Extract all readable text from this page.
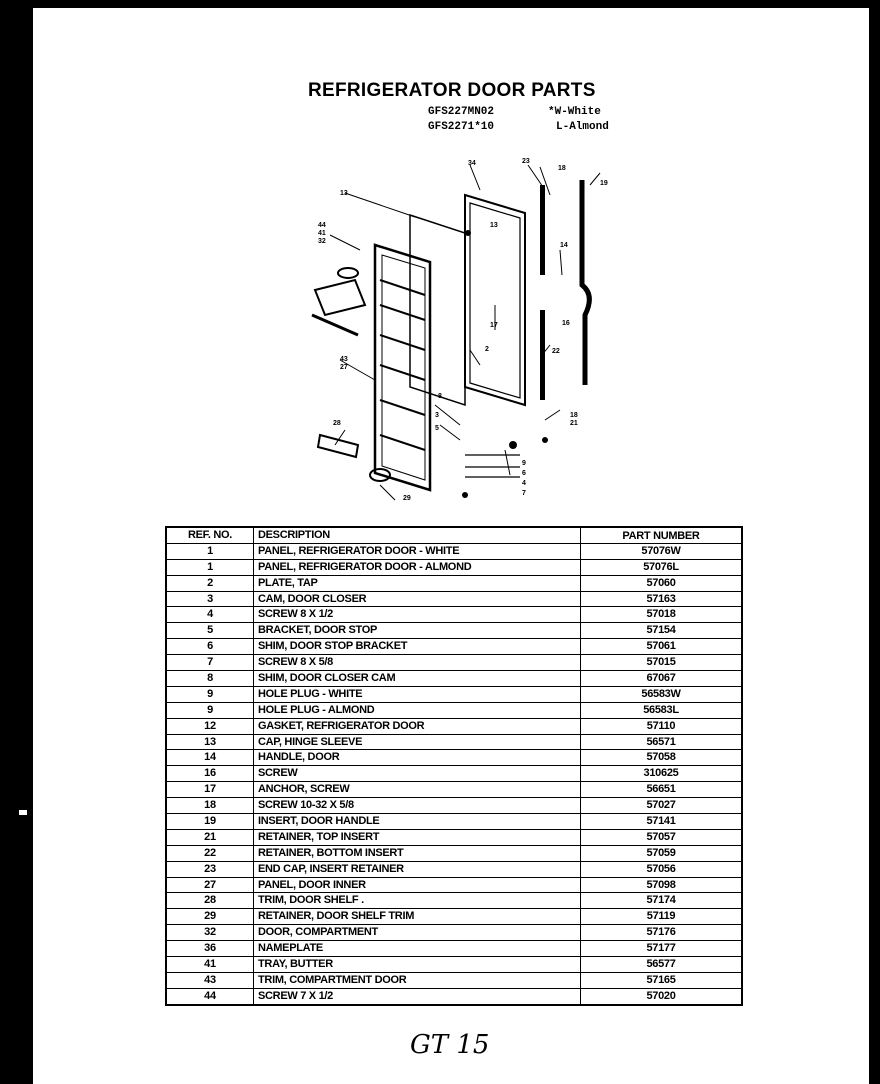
REFRIGERATOR DOOR PARTS
GFS227MN02	*W-White
GFS2271*10	L-Almond
13
34
13
23
18
19
44
41
32
14
17	16
43
27
22
2
8
3
5
18
21
28
9
6
4
7
29
REF. NO.	DESCRIPTION	PART NUMBER
1	PANEL, REFRIGERATOR DOOR - WHITE	57076W
1	PANEL, REFRIGERATOR DOOR - ALMOND	57076L
2	PLATE, TAP	57060
3	CAM, DOOR CLOSER	57163
4	SCREW 8 X 1/2	57018
5	BRACKET, DOOR STOP	57154
6	SHIM, DOOR STOP BRACKET	57061
7	SCREW 8 X 5/8	57015
8	SHIM, DOOR CLOSER CAM	67067
9	HOLE PLUG - WHITE	56583W
9	HOLE PLUG - ALMOND	56583L
12	GASKET, REFRIGERATOR DOOR	57110
13	CAP, HINGE SLEEVE	56571
14	HANDLE, DOOR	57058
16	SCREW	310625
17	ANCHOR, SCREW	56651
18	SCREW 10-32 X 5/8	57027
19	INSERT, DOOR HANDLE	57141
21	RETAINER, TOP INSERT	57057
22	RETAINER, BOTTOM INSERT	57059
23	END CAP, INSERT RETAINER	57056
27	PANEL, DOOR INNER	57098
28	TRIM, DOOR SHELF .	57174
29	RETAINER, DOOR SHELF TRIM	57119
32	DOOR, COMPARTMENT	57176
36	NAMEPLATE	57177
41	TRAY, BUTTER	56577
43	TRIM, COMPARTMENT DOOR	57165
44	SCREW 7 X 1/2	57020
GT 15
